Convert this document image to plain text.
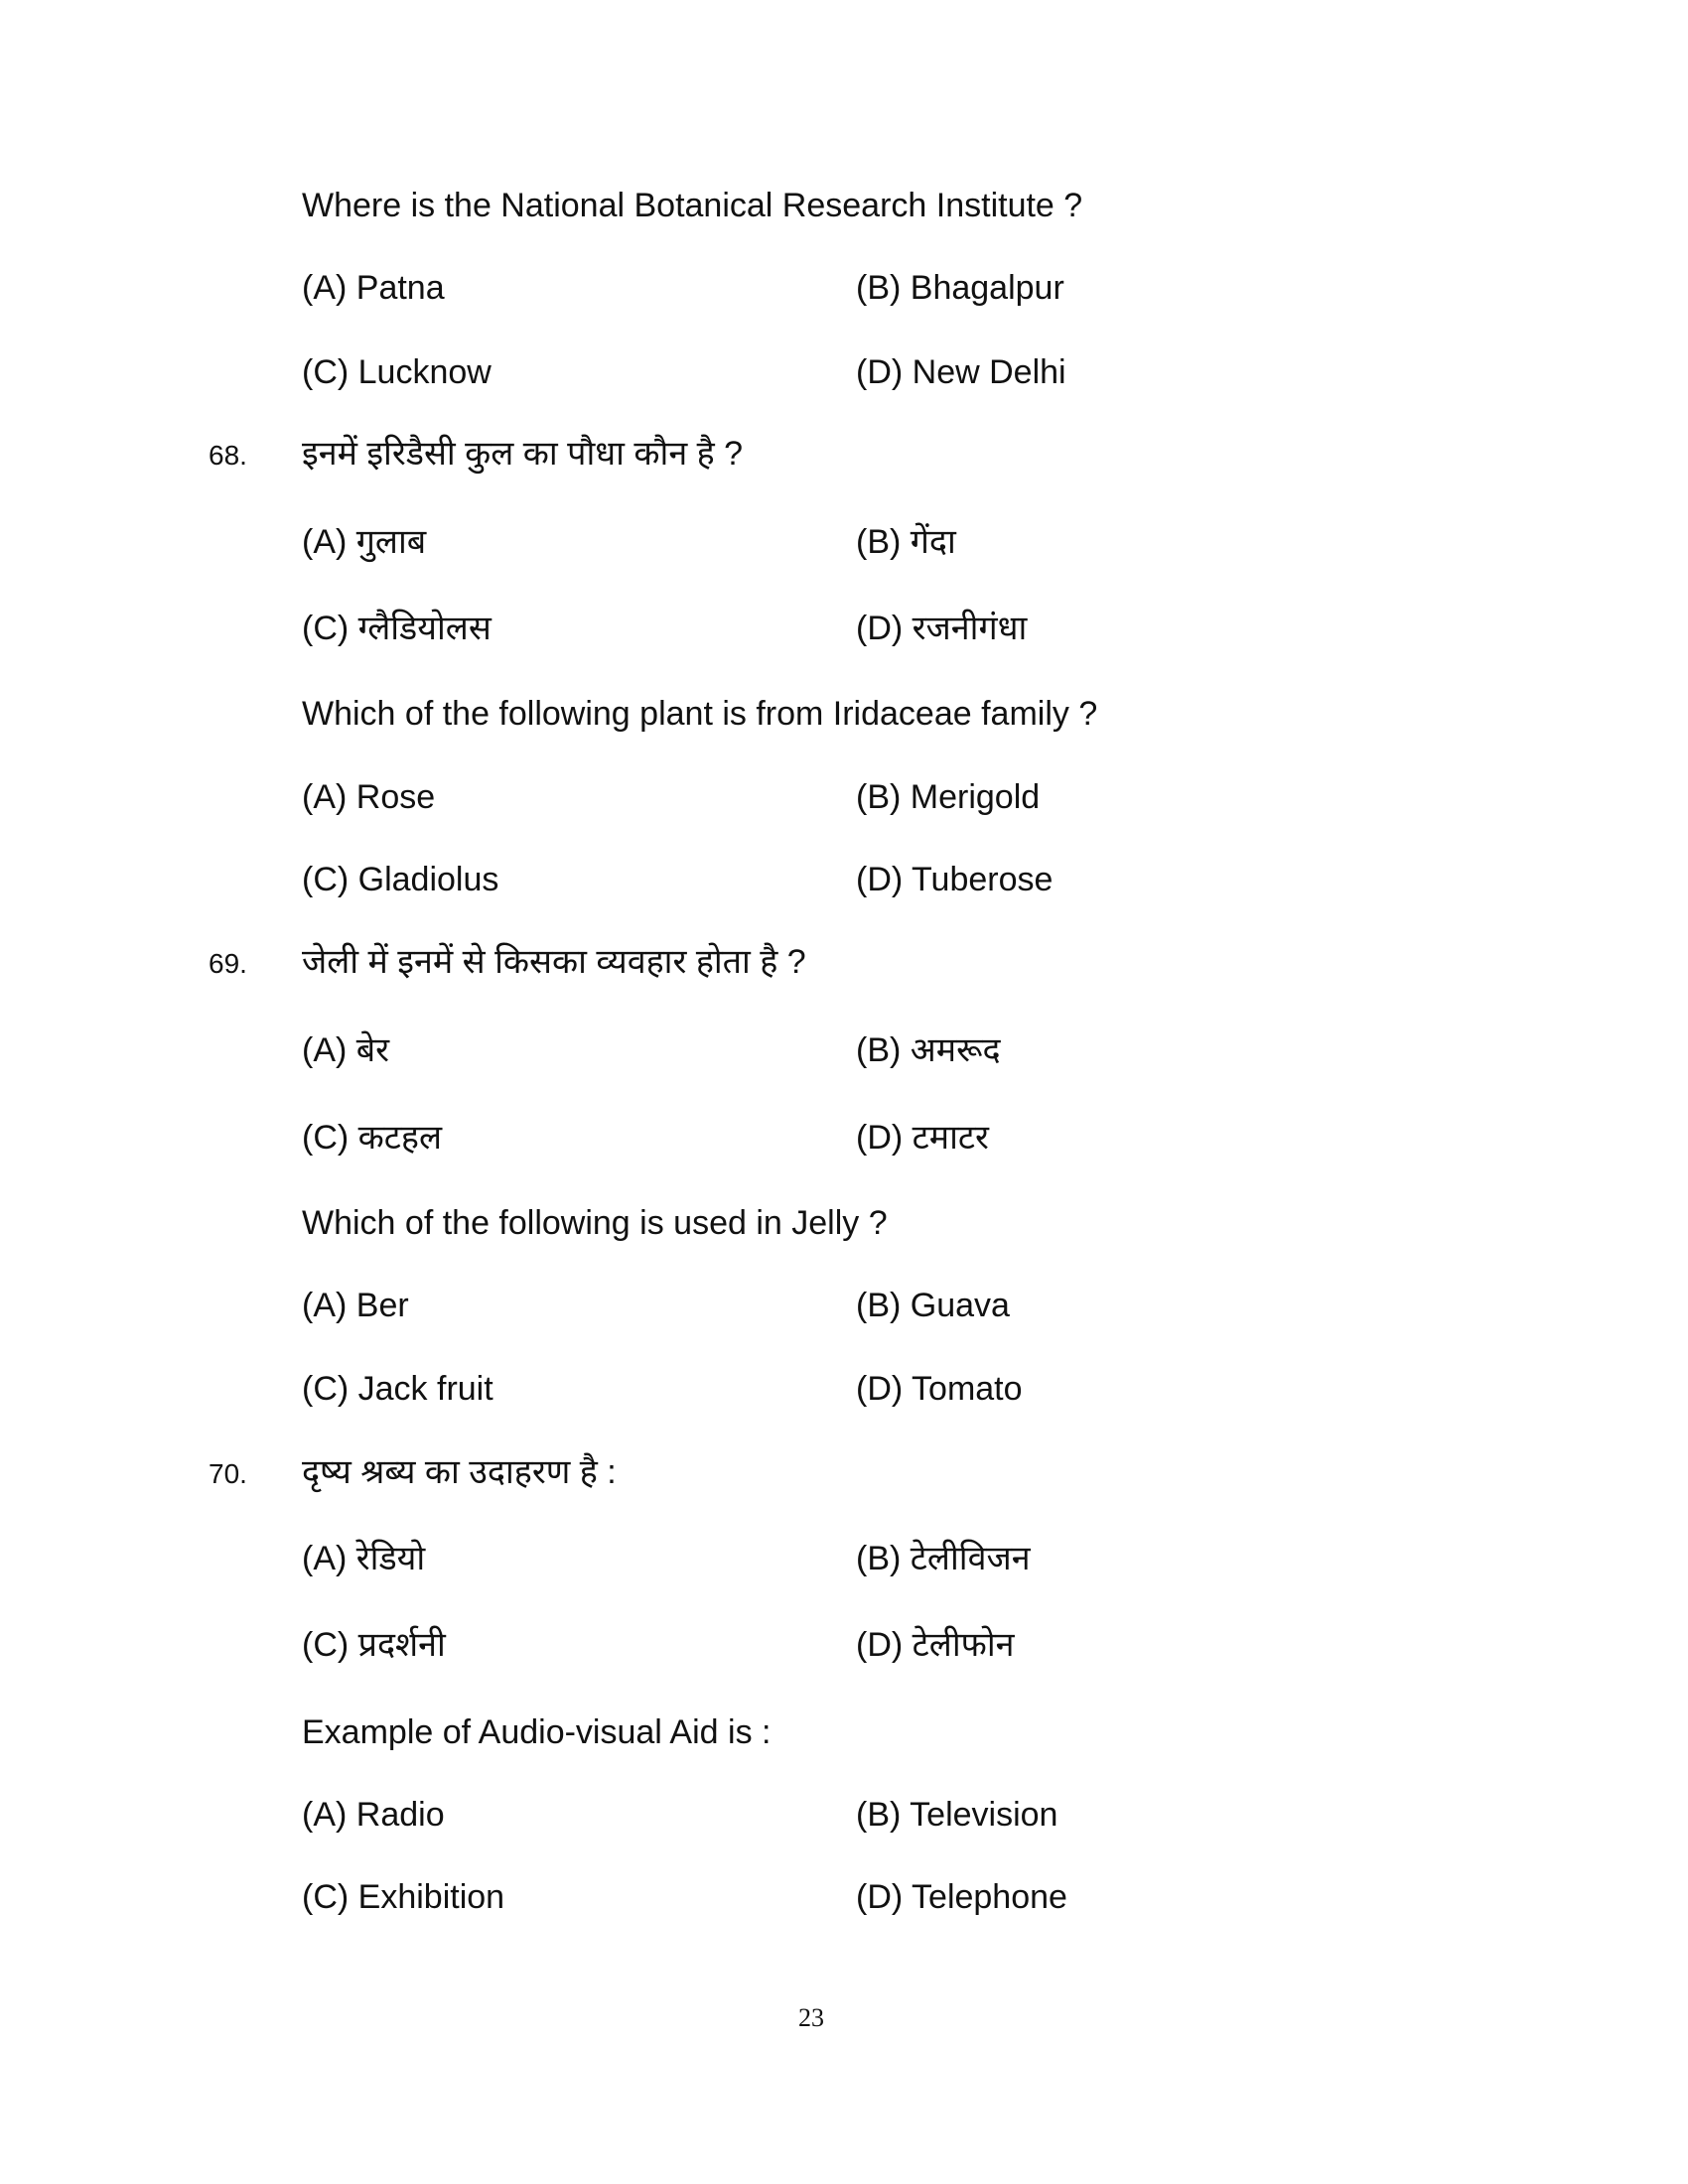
Where is the National Botanical Research Institute ?
(A) Patna	(B) Bhagalpur
(C) Lucknow	(D) New Delhi
68. इनमें इरिडैसी कुल का पौधा कौन है ?
(A) गुलाब	(B) गेंदा
(C) ग्लैडियोलस	(D) रजनीगंधा
Which of the following plant is from Iridaceae family ?
(A) Rose	(B) Merigold
(C) Gladiolus	(D) Tuberose
69. जेली में इनमें से किसका व्यवहार होता है ?
(A) बेर	(B) अमरूद
(C) कटहल	(D) टमाटर
Which of the following is used in Jelly ?
(A) Ber	(B) Guava
(C) Jack fruit	(D) Tomato
70. दृष्य श्रब्य का उदाहरण है :
(A) रेडियो	(B) टेलीविजन
(C) प्रदर्शनी	(D) टेलीफोन
Example of Audio-visual Aid is :
(A) Radio	(B) Television
(C) Exhibition	(D) Telephone
23
